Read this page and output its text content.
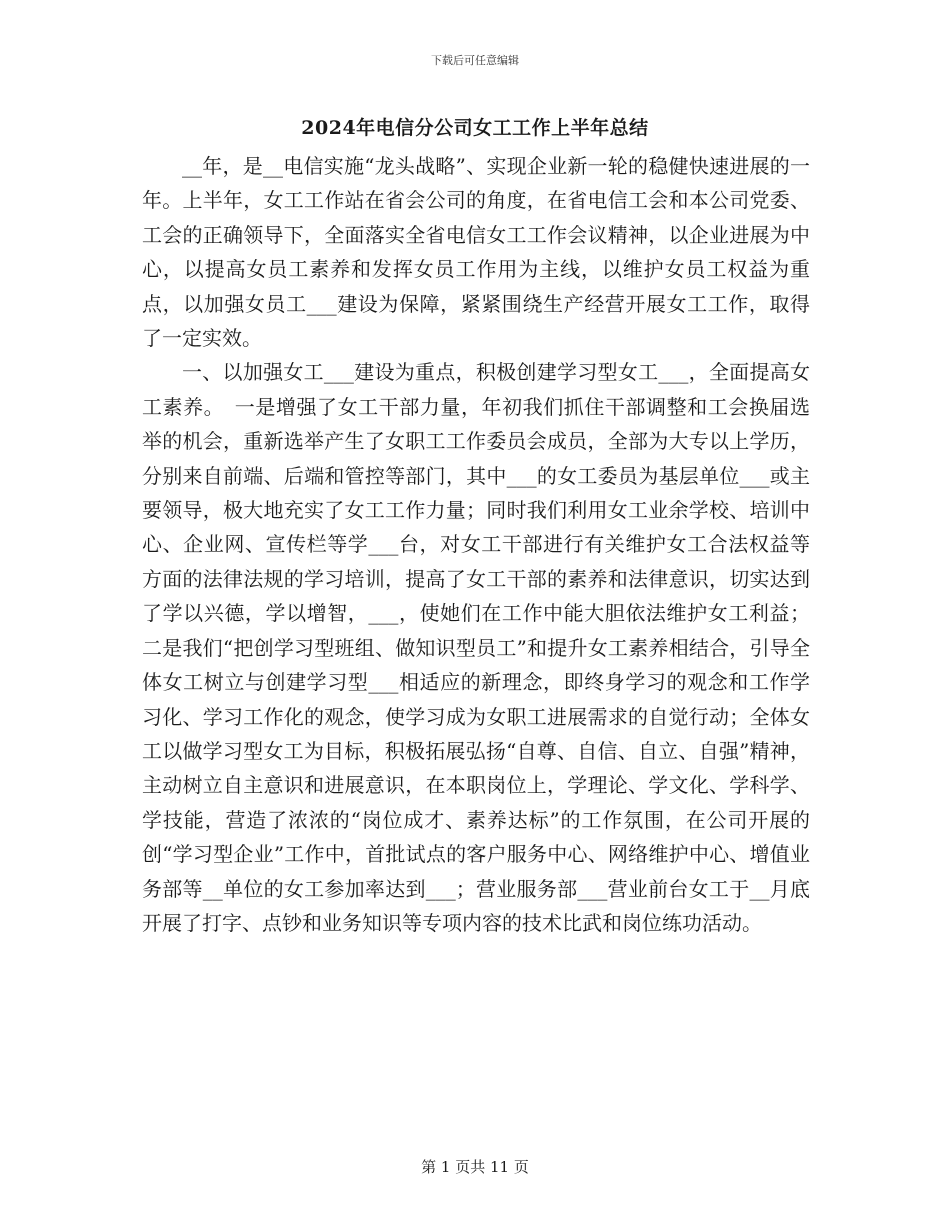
下载后可任意编辑
2024年电信分公司女工工作上半年总结

__年，是__电信实施“龙头战略”、实现企业新一轮的稳健快速进展的一年。上半年，女工工作站在省会公司的角度，在省电信工会和本公司党委、工会的正确领导下，全面落实全省电信女工工作会议精神，以企业进展为中心，以提高女员工素养和发挥女员工作用为主线，以维护女员工权益为重点，以加强女员工___建设为保障，紧紧围绕生产经营开展女工工作，取得了一定实效。

一、以加强女工___建设为重点，积极创建学习型女工___，全面提高女工素养。　一是增强了女工干部力量，年初我们抓住干部调整和工会换届选举的机会，重新选举产生了女职工工作委员会成员，全部为大专以上学历，分别来自前端、后端和管控等部门，其中___的女工委员为基层单位___或主要领导，极大地充实了女工工作力量；同时我们利用女工业余学校、培训中心、企业网、宣传栏等学___台，对女工干部进行有关维护女工合法权益等方面的法律法规的学习培训，提高了女工干部的素养和法律意识，切实达到了学以兴德，学以增智，___，使她们在工作中能大胆依法维护女工利益；二是我们“把创学习型班组、做知识型员工”和提升女工素养相结合，引导全体女工树立与创建学习型___相适应的新理念，即终身学习的观念和工作学习化、学习工作化的观念，使学习成为女职工进展需求的自觉行动；全体女工以做学习型女工为目标，积极拓展弘扬“自尊、自信、自立、自强”精神，主动树立自主意识和进展意识，在本职岗位上，学理论、学文化、学科学、学技能，营造了浓浓的“岗位成才、素养达标”的工作氛围，在公司开展的创“学习型企业”工作中，首批试点的客户服务中心、网络维护中心、增值业务部等__单位的女工参加率达到___；营业服务部___营业前台女工于__月底开展了打字、点钞和业务知识等专项内容的技术比武和岗位练功活动。

第 1 页共 11 页
